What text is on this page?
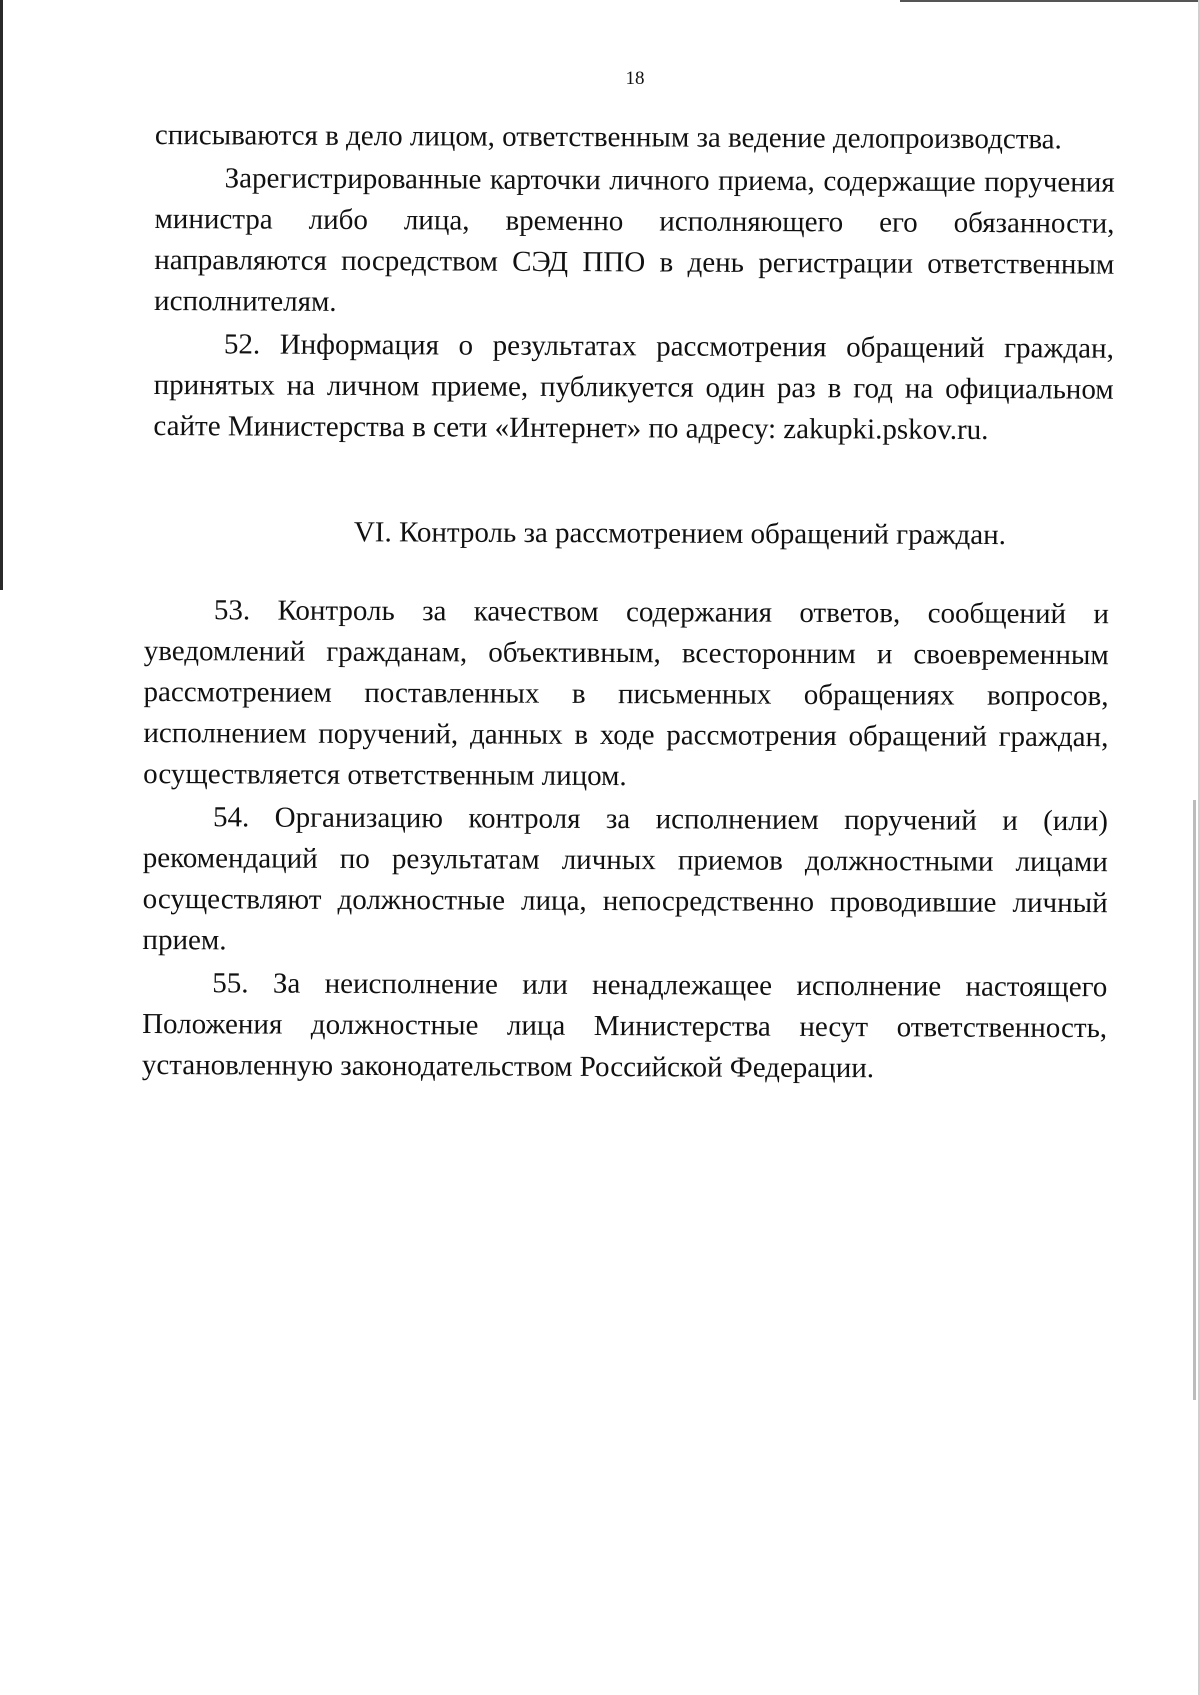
18

списываются в дело лицом, ответственным за ведение делопроизводства.

Зарегистрированные карточки личного приема, содержащие поручения министра либо лица, временно исполняющего его обязанности, направляются посредством СЭД ППО в день регистрации ответственным исполнителям.

52. Информация о результатах рассмотрения обращений граждан, принятых на личном приеме, публикуется один раз в год на официальном сайте Министерства в сети «Интернет» по адресу: zakupki.pskov.ru.

VI. Контроль за рассмотрением обращений граждан.

53. Контроль за качеством содержания ответов, сообщений и уведомлений гражданам, объективным, всесторонним и своевременным рассмотрением поставленных в письменных обращениях вопросов, исполнением поручений, данных в ходе рассмотрения обращений граждан, осуществляется ответственным лицом.

54. Организацию контроля за исполнением поручений и (или) рекомендаций по результатам личных приемов должностными лицами осуществляют должностные лица, непосредственно проводившие личный прием.

55. За неисполнение или ненадлежащее исполнение настоящего Положения должностные лица Министерства несут ответственность, установленную законодательством Российской Федерации.
